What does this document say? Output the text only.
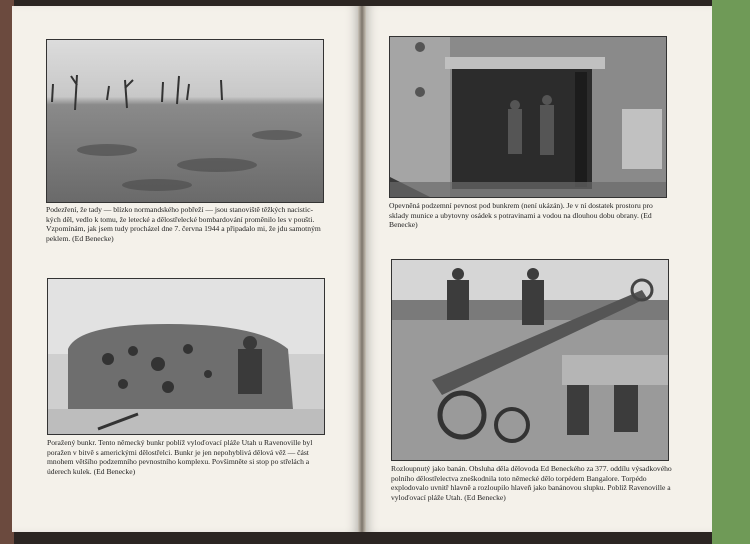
Podezření, že tady — blízko normandského pobřeží — jsou stanoviště těžkých nacistic-kých děl, vedlo k tomu, že letecké a dělostřelecké bombardování proměnilo les v poušti. Vzpomínám, jak jsem tudy procházel dne 7. června 1944 a připadalo mi, že jdu samotným peklem. (Ed Benecke)

Opevněná podzemní pevnost pod bunkrem (není ukázán). Je v ní dostatek prostoru pro sklady munice a ubytovny osádek s potravinami a vodou na dlouhou dobu obrany. (Ed Benecke)

Poražený bunkr. Tento německý bunkr poblíž vyloďovací pláže Utah u Ravenoville byl poražen v bitvě s americkými dělostřelci. Bunkr je jen nepohyblivá dělová věž — část mnohem většího podzemního pevnostního komplexu. Povšimněte si stop po střelách a úderech kulek. (Ed Benecke)	Rozloupnutý jako banán. Obsluha děla dělovoda Ed Beneckého za 377. oddílu výsadkového polního dělostřelectva zneškodnila toto německé dělo torpédem Bangalore. Torpédo explodovalo uvnitř hlavně a rozloupilo hlaveň jako banánovou slupku. Poblíž Ravenoville a vyloďovací pláže Utah. (Ed Benecke)
